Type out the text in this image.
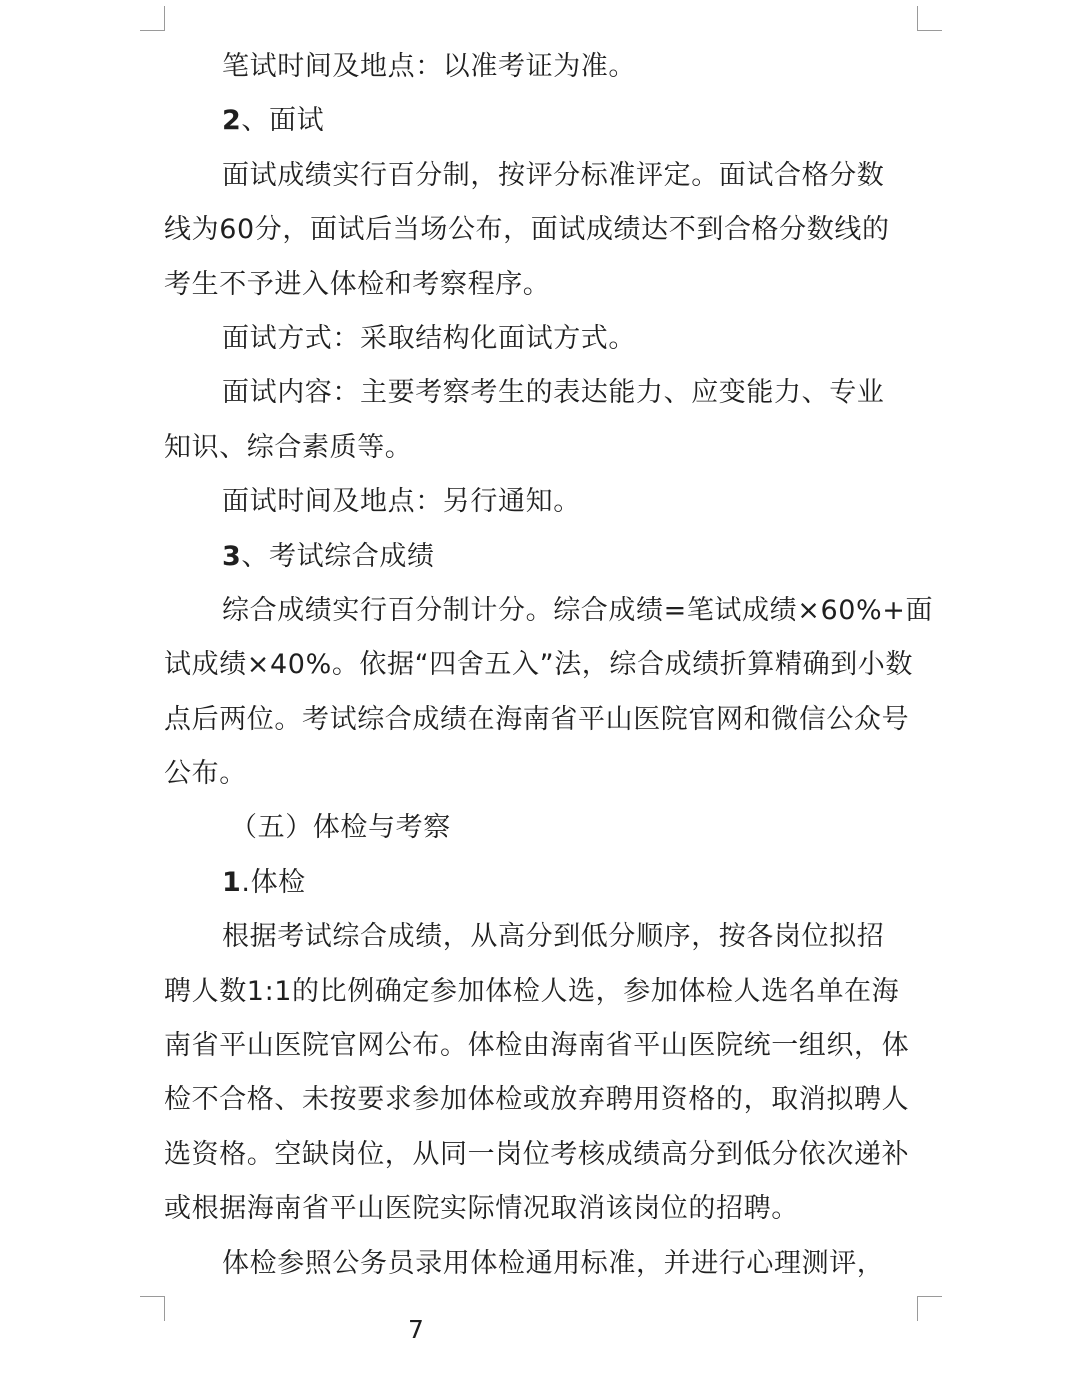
笔试时间及地点：以准考证为准。
2、面试
面试成绩实行百分制，按评分标准评定。面试合格分数
线为60分，面试后当场公布，面试成绩达不到合格分数线的
考生不予进入体检和考察程序。
面试方式：采取结构化面试方式。
面试内容：主要考察考生的表达能力、应变能力、专业
知识、综合素质等。
面试时间及地点：另行通知。
3、考试综合成绩
综合成绩实行百分制计分。综合成绩=笔试成绩×60%+面
试成绩×40%。依据“四舍五入”法，综合成绩折算精确到小数
点后两位。考试综合成绩在海南省平山医院官网和微信公众号
公布。
（五）体检与考察
1.体检
根据考试综合成绩，从高分到低分顺序，按各岗位拟招
聘人数1:1的比例确定参加体检人选，参加体检人选名单在海
南省平山医院官网公布。体检由海南省平山医院统一组织，体
检不合格、未按要求参加体检或放弃聘用资格的，取消拟聘人
选资格。空缺岗位，从同一岗位考核成绩高分到低分依次递补
或根据海南省平山医院实际情况取消该岗位的招聘。
体检参照公务员录用体检通用标准，并进行心理测评，
7
